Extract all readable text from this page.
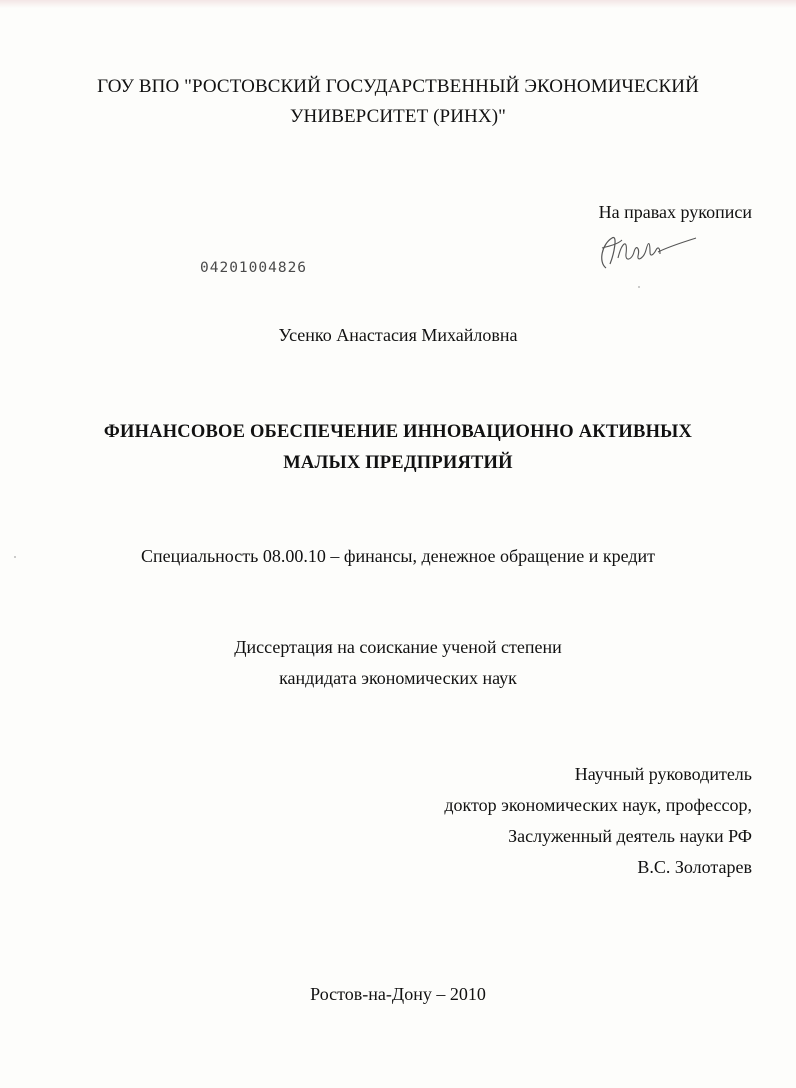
ГОУ ВПО "РОСТОВСКИЙ ГОСУДАРСТВЕННЫЙ ЭКОНОМИЧЕСКИЙ
УНИВЕРСИТЕТ (РИНХ)"
На правах рукописи
04201004826
Усенко Анастасия Михайловна
ФИНАНСОВОЕ ОБЕСПЕЧЕНИЕ ИННОВАЦИОННО АКТИВНЫХ
МАЛЫХ ПРЕДПРИЯТИЙ
Специальность 08.00.10 – финансы, денежное обращение и кредит
Диссертация на соискание ученой степени
кандидата экономических наук
Научный руководитель
доктор экономических наук, профессор,
Заслуженный деятель науки РФ
В.С. Золотарев
Ростов-на-Дону – 2010
